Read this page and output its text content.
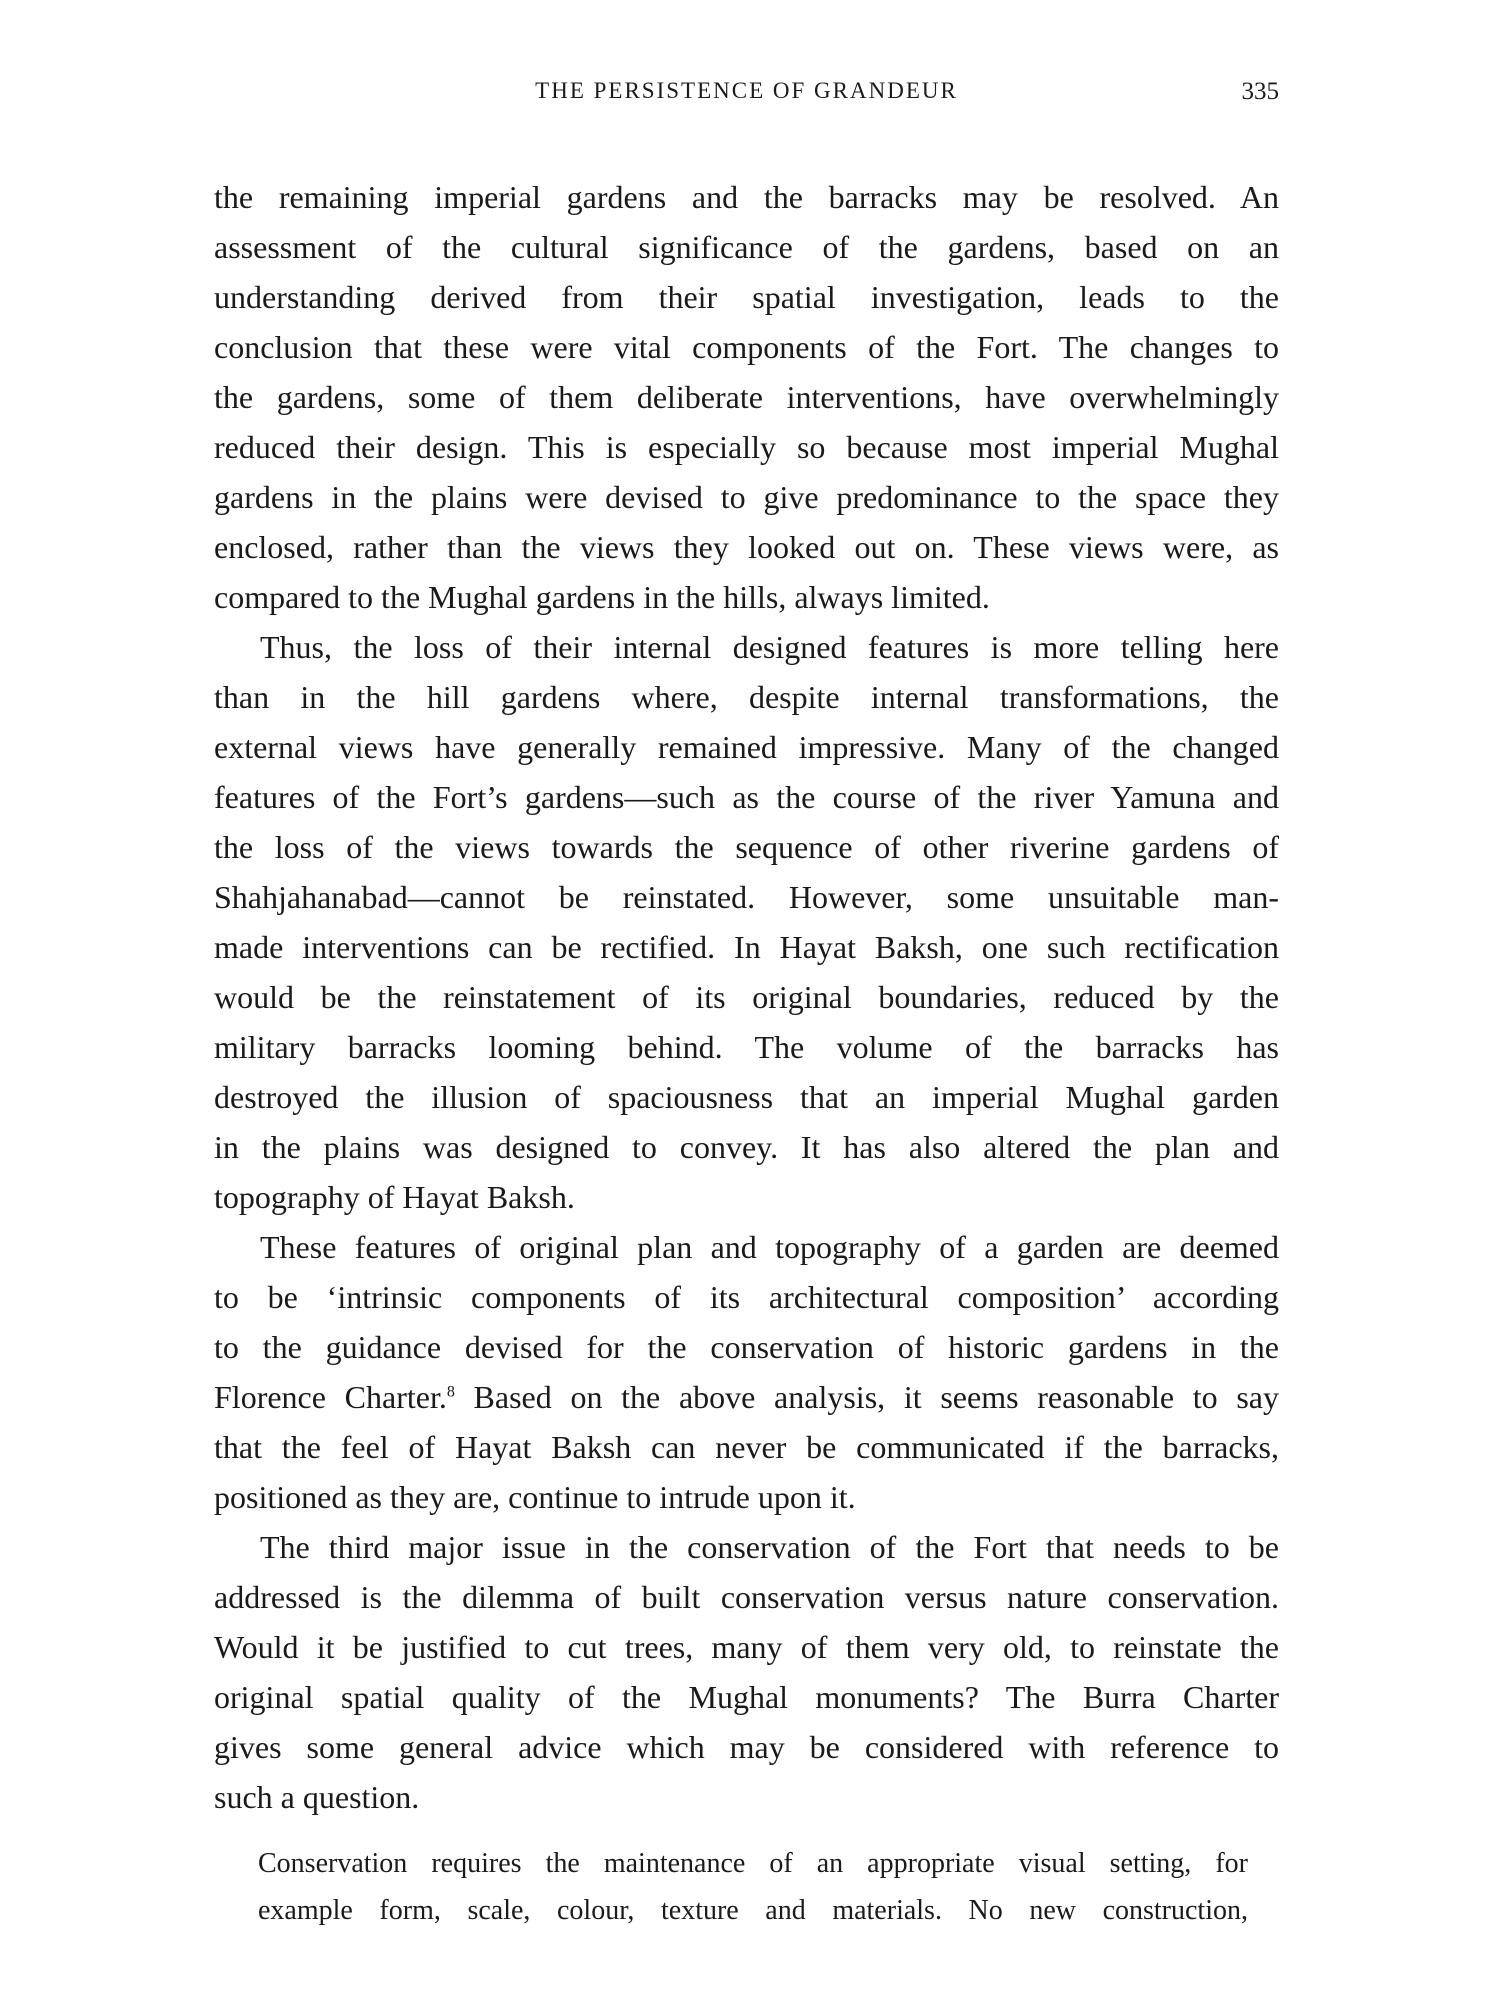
THE PERSISTENCE OF GRANDEUR	335
the remaining imperial gardens and the barracks may be resolved. An
assessment of the cultural significance of the gardens, based on an
understanding derived from their spatial investigation, leads to the
conclusion that these were vital components of the Fort. The changes to
the gardens, some of them deliberate interventions, have overwhelmingly
reduced their design. This is especially so because most imperial Mughal
gardens in the plains were devised to give predominance to the space they
enclosed, rather than the views they looked out on. These views were, as
compared to the Mughal gardens in the hills, always limited.
Thus, the loss of their internal designed features is more telling here
than in the hill gardens where, despite internal transformations, the
external views have generally remained impressive. Many of the changed
features of the Fort’s gardens—such as the course of the river Yamuna and
the loss of the views towards the sequence of other riverine gardens of
Shahjahanabad—cannot be reinstated. However, some unsuitable man-
made interventions can be rectified. In Hayat Baksh, one such rectification
would be the reinstatement of its original boundaries, reduced by the
military barracks looming behind. The volume of the barracks has
destroyed the illusion of spaciousness that an imperial Mughal garden
in the plains was designed to convey. It has also altered the plan and
topography of Hayat Baksh.
These features of original plan and topography of a garden are deemed
to be ‘intrinsic components of its architectural composition’ according
to the guidance devised for the conservation of historic gardens in the
Florence Charter.$^8$ Based on the above analysis, it seems reasonable to say
that the feel of Hayat Baksh can never be communicated if the barracks,
positioned as they are, continue to intrude upon it.
The third major issue in the conservation of the Fort that needs to be
addressed is the dilemma of built conservation versus nature conservation.
Would it be justified to cut trees, many of them very old, to reinstate the
original spatial quality of the Mughal monuments? The Burra Charter
gives some general advice which may be considered with reference to
such a question.
Conservation requires the maintenance of an appropriate visual setting, for
example form, scale, colour, texture and materials. No new construction,
